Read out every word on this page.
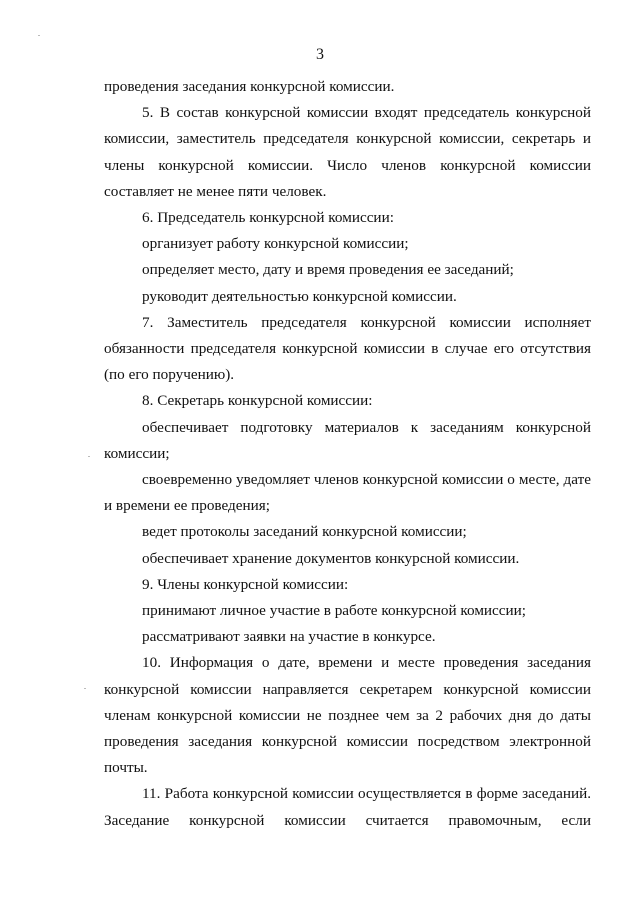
3

проведения заседания конкурсной комиссии.

5. В состав конкурсной комиссии входят председатель конкурсной комиссии, заместитель председателя конкурсной комиссии, секретарь и члены конкурсной комиссии. Число членов конкурсной комиссии составляет не менее пяти человек.

6. Председатель конкурсной комиссии:

организует работу конкурсной комиссии;

определяет место, дату и время проведения ее заседаний;

руководит деятельностью конкурсной комиссии.

7. Заместитель председателя конкурсной комиссии исполняет обязанности председателя конкурсной комиссии в случае его отсутствия (по его поручению).

8. Секретарь конкурсной комиссии:

обеспечивает подготовку материалов к заседаниям конкурсной комиссии;

своевременно уведомляет членов конкурсной комиссии о месте, дате и времени ее проведения;

ведет протоколы заседаний конкурсной комиссии;

обеспечивает хранение документов конкурсной комиссии.

9. Члены конкурсной комиссии:

принимают личное участие в работе конкурсной комиссии;

рассматривают заявки на участие в конкурсе.

10. Информация о дате, времени и месте проведения заседания конкурсной комиссии направляется секретарем конкурсной комиссии членам конкурсной комиссии не позднее чем за 2 рабочих дня до даты проведения заседания конкурсной комиссии посредством электронной почты.

11. Работа конкурсной комиссии осуществляется в форме заседаний. Заседание конкурсной комиссии считается правомочным, если
